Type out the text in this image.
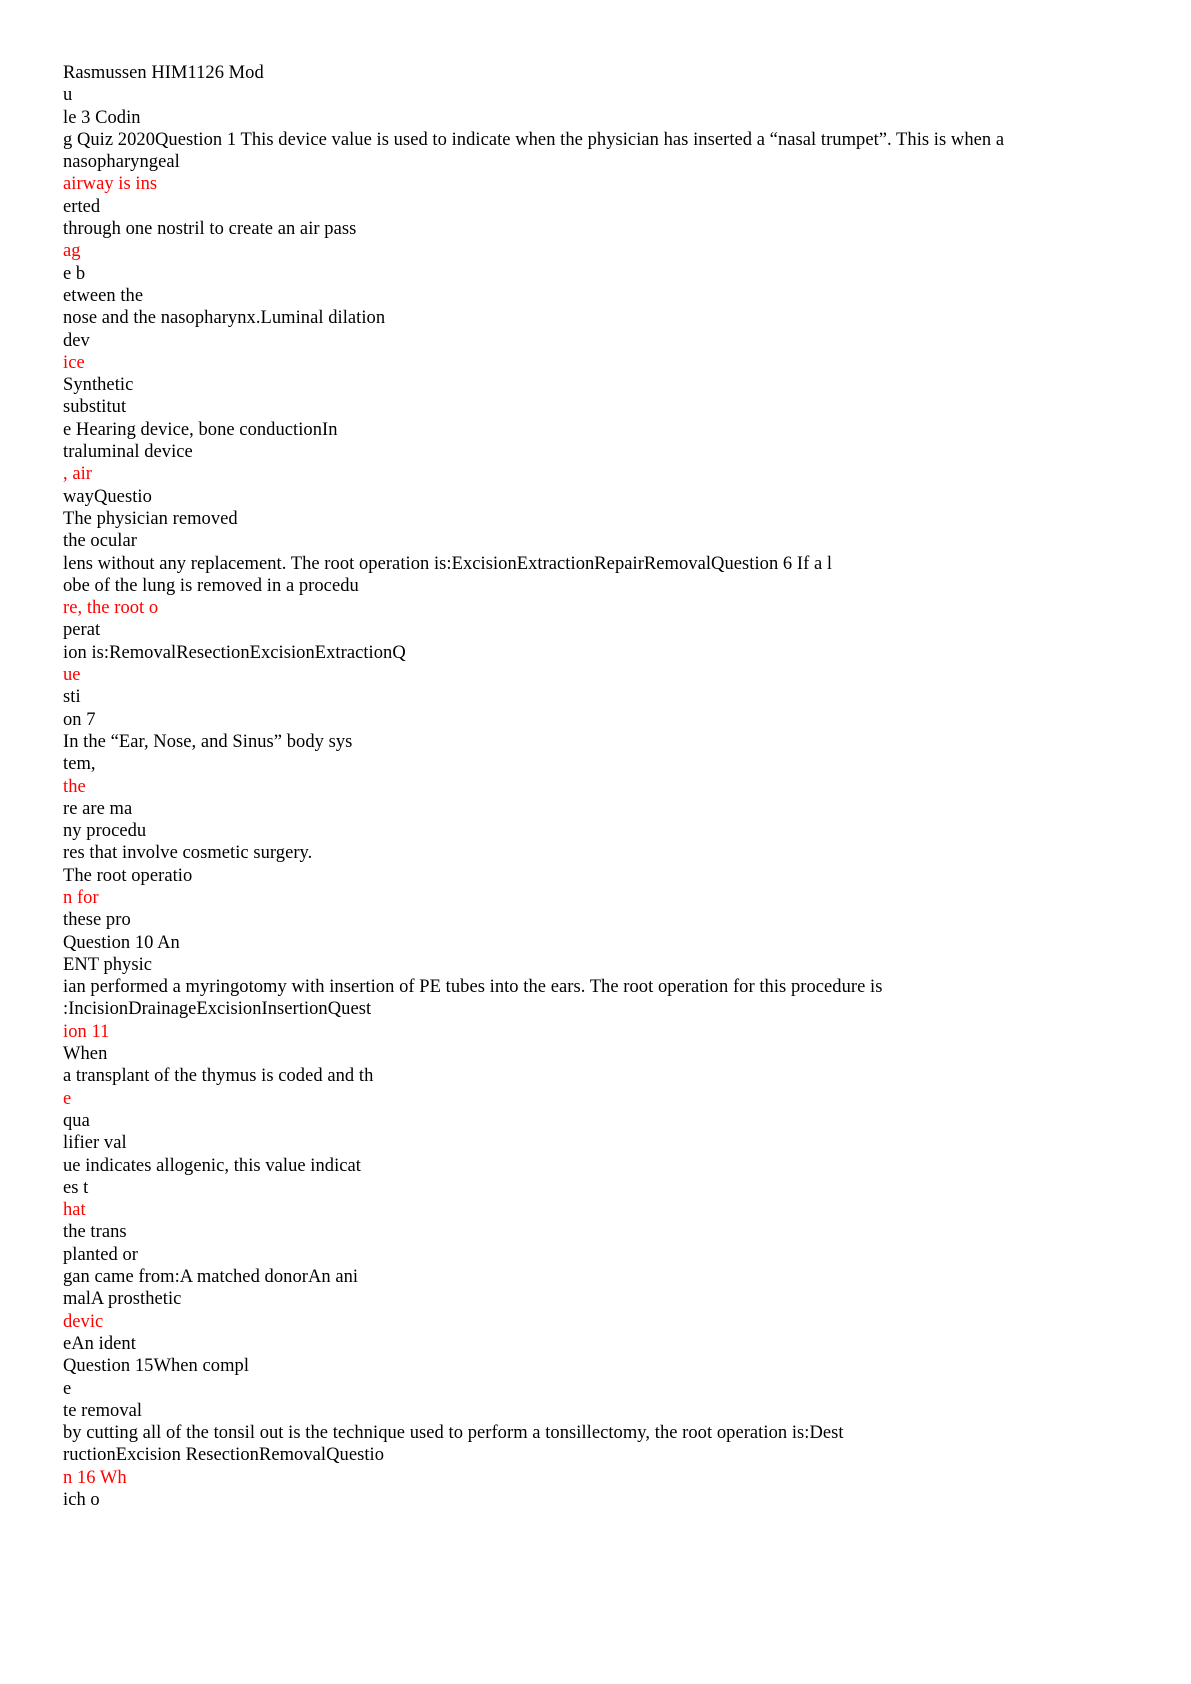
Rasmussen HIM1126 Mod
u
le 3 Codin
g Quiz 2020Question 1 This device value is used to indicate when the physician has inserted a “nasal trumpet”. This is when a nasopharyngeal
airway is ins
erted
through one nostril to create an air pass
ag
e b
etween the
nose and the nasopharynx.Luminal dilation
dev
ice
Synthetic
substitut
e Hearing device, bone conductionIn
traluminal device
, air
wayQuestio
The physician removed
the ocular
lens without any replacement. The root operation is:ExcisionExtractionRepairRemovalQuestion 6 If a l
obe of the lung is removed in a procedu
re, the root o
perat
ion is:RemovalResectionExcisionExtractionQ
ue
sti
on 7
In the “Ear, Nose, and Sinus” body sys
tem,
the
re are ma
ny procedu
res that involve cosmetic surgery.
The root operatio
n for
these pro
Question 10 An
ENT physic
ian performed a myringotomy with insertion of PE tubes into the ears. The root operation for this procedure is
:IncisionDrainageExcisionInsertionQuest
ion 11
When
a transplant of the thymus is coded and th
e
qua
lifier val
ue indicates allogenic, this value indicat
es t
hat
the trans
planted or
gan came from:A matched donorAn ani
malA prosthetic
devic
eAn ident
Question 15When compl
e
te removal
by cutting all of the tonsil out is the technique used to perform a tonsillectomy, the root operation is:Dest
ructionExcision ResectionRemovalQuestio
n 16 Wh
ich o
